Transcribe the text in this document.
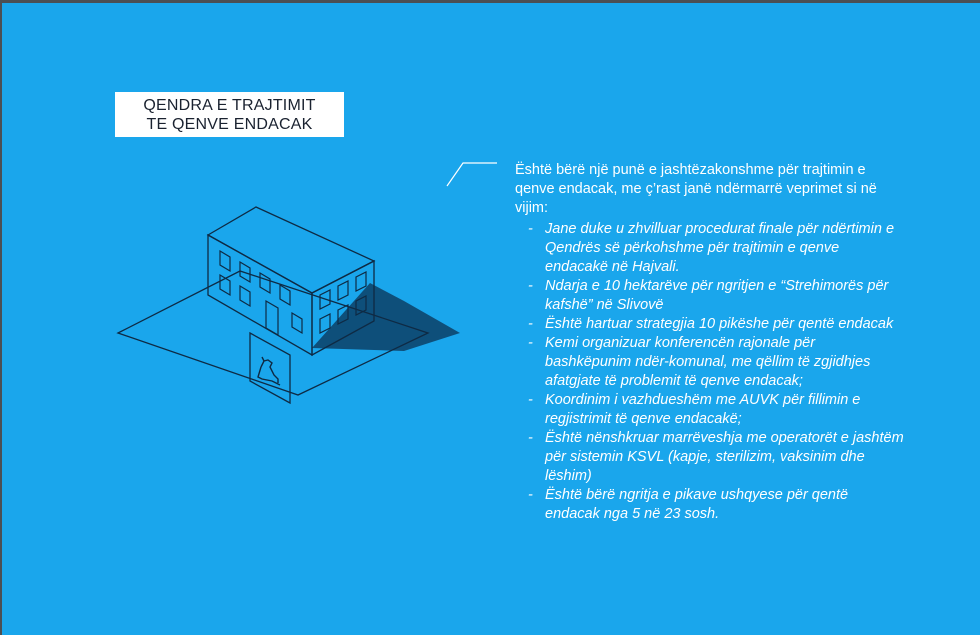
QENDRA E TRAJTIMIT
TE QENVE ENDACAK

Është bërë një punë e jashtëzakonshme për trajtimin e qenve endacak, me ç’rast janë ndërmarrë veprimet si në vijim:

- Jane duke u zhvilluar procedurat finale për ndërtimin e Qendrës së përkohshme për trajtimin e qenve endacakë në Hajvali.
- Ndarja e 10 hektarëve për ngritjen e “Strehimorës për kafshë” në Slivovë
- Është hartuar strategjia 10 pikëshe për qentë endacak
- Kemi organizuar konferencën rajonale për bashkëpunim ndër-komunal, me qëllim të zgjidhjes afatgjate të problemit të qenve endacak;
- Koordinim i vazhdueshëm me AUVK për fillimin e regjistrimit të qenve endacakë;
- Është nënshkruar marrëveshja me operatorët e jashtëm për sistemin KSVL (kapje, sterilizim, vaksinim dhe lëshim)
- Është bërë ngritja e pikave ushqyese për qentë endacak nga 5 në 23 sosh.
